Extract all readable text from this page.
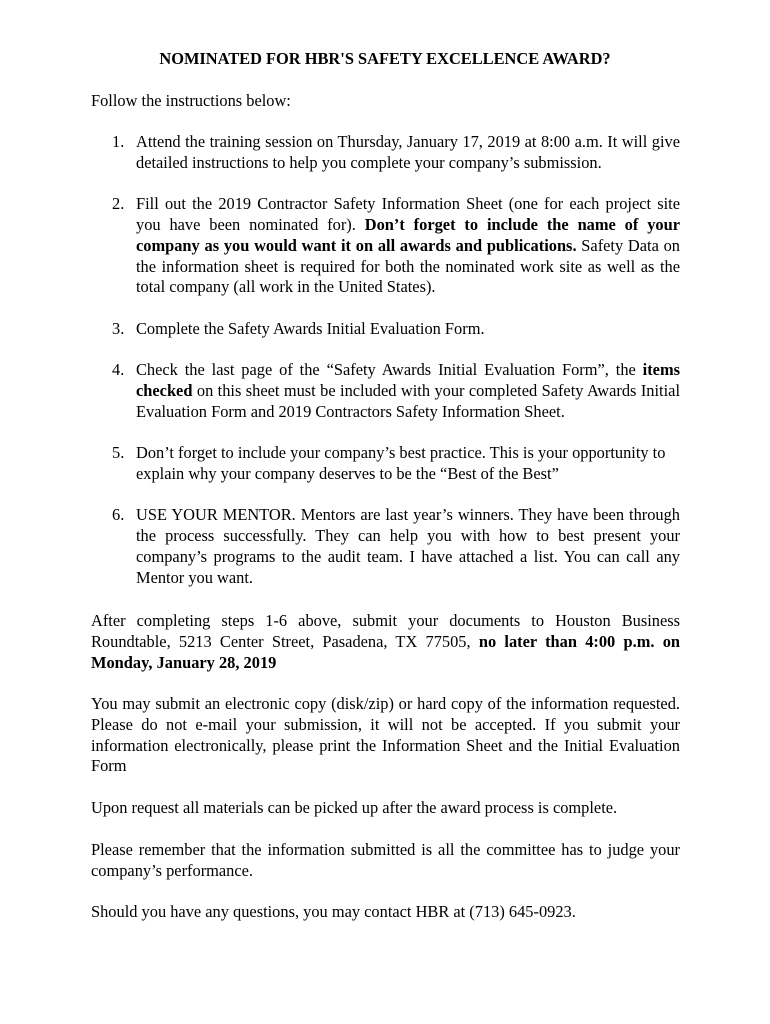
NOMINATED FOR HBR'S SAFETY EXCELLENCE AWARD?

Follow the instructions below:

1. Attend the training session on Thursday, January 17, 2019 at 8:00 a.m. It will give detailed instructions to help you complete your company’s submission.
2. Fill out the 2019 Contractor Safety Information Sheet (one for each project site you have been nominated for). Don’t forget to include the name of your company as you would want it on all awards and publications. Safety Data on the information sheet is required for both the nominated work site as well as the total company (all work in the United States).
3. Complete the Safety Awards Initial Evaluation Form.
4. Check the last page of the “Safety Awards Initial Evaluation Form”, the items checked on this sheet must be included with your completed Safety Awards Initial Evaluation Form and 2019 Contractors Safety Information Sheet.
5. Don’t forget to include your company’s best practice. This is your opportunity to explain why your company deserves to be the “Best of the Best”
6. USE YOUR MENTOR. Mentors are last year’s winners. They have been through the process successfully. They can help you with how to best present your company’s programs to the audit team. I have attached a list. You can call any Mentor you want.

After completing steps 1-6 above, submit your documents to Houston Business Roundtable, 5213 Center Street, Pasadena, TX 77505, no later than 4:00 p.m. on Monday, January 28, 2019

You may submit an electronic copy (disk/zip) or hard copy of the information requested. Please do not e-mail your submission, it will not be accepted. If you submit your information electronically, please print the Information Sheet and the Initial Evaluation Form

Upon request all materials can be picked up after the award process is complete.

Please remember that the information submitted is all the committee has to judge your company’s performance.

Should you have any questions, you may contact HBR at (713) 645-0923.
